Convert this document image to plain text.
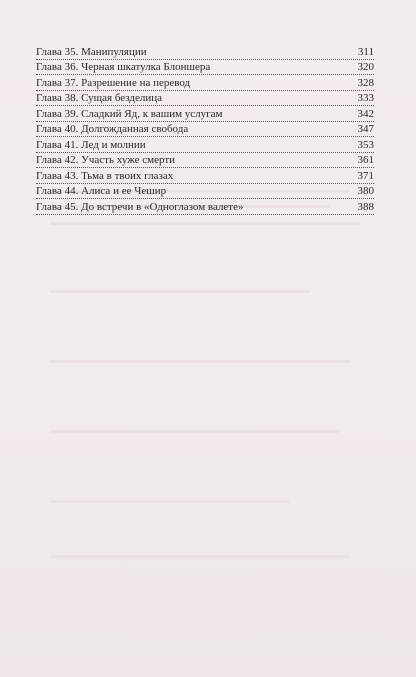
Глава 35. Манипуляции	311
Глава 36. Черная шкатулка Блоншера	320
Глава 37. Разрешение на перевод	328
Глава 38. Сущая безделица	333
Глава 39. Сладкий Яд, к вашим услугам	342
Глава 40. Долгожданная свобода	347
Глава 41. Лед и молнии	353
Глава 42. Участь хуже смерти	361
Глава 43. Тьма в твоих глазах	371
Глава 44. Алиса и ее Чешир	380
Глава 45. До встречи в «Одноглазом валете»	388
